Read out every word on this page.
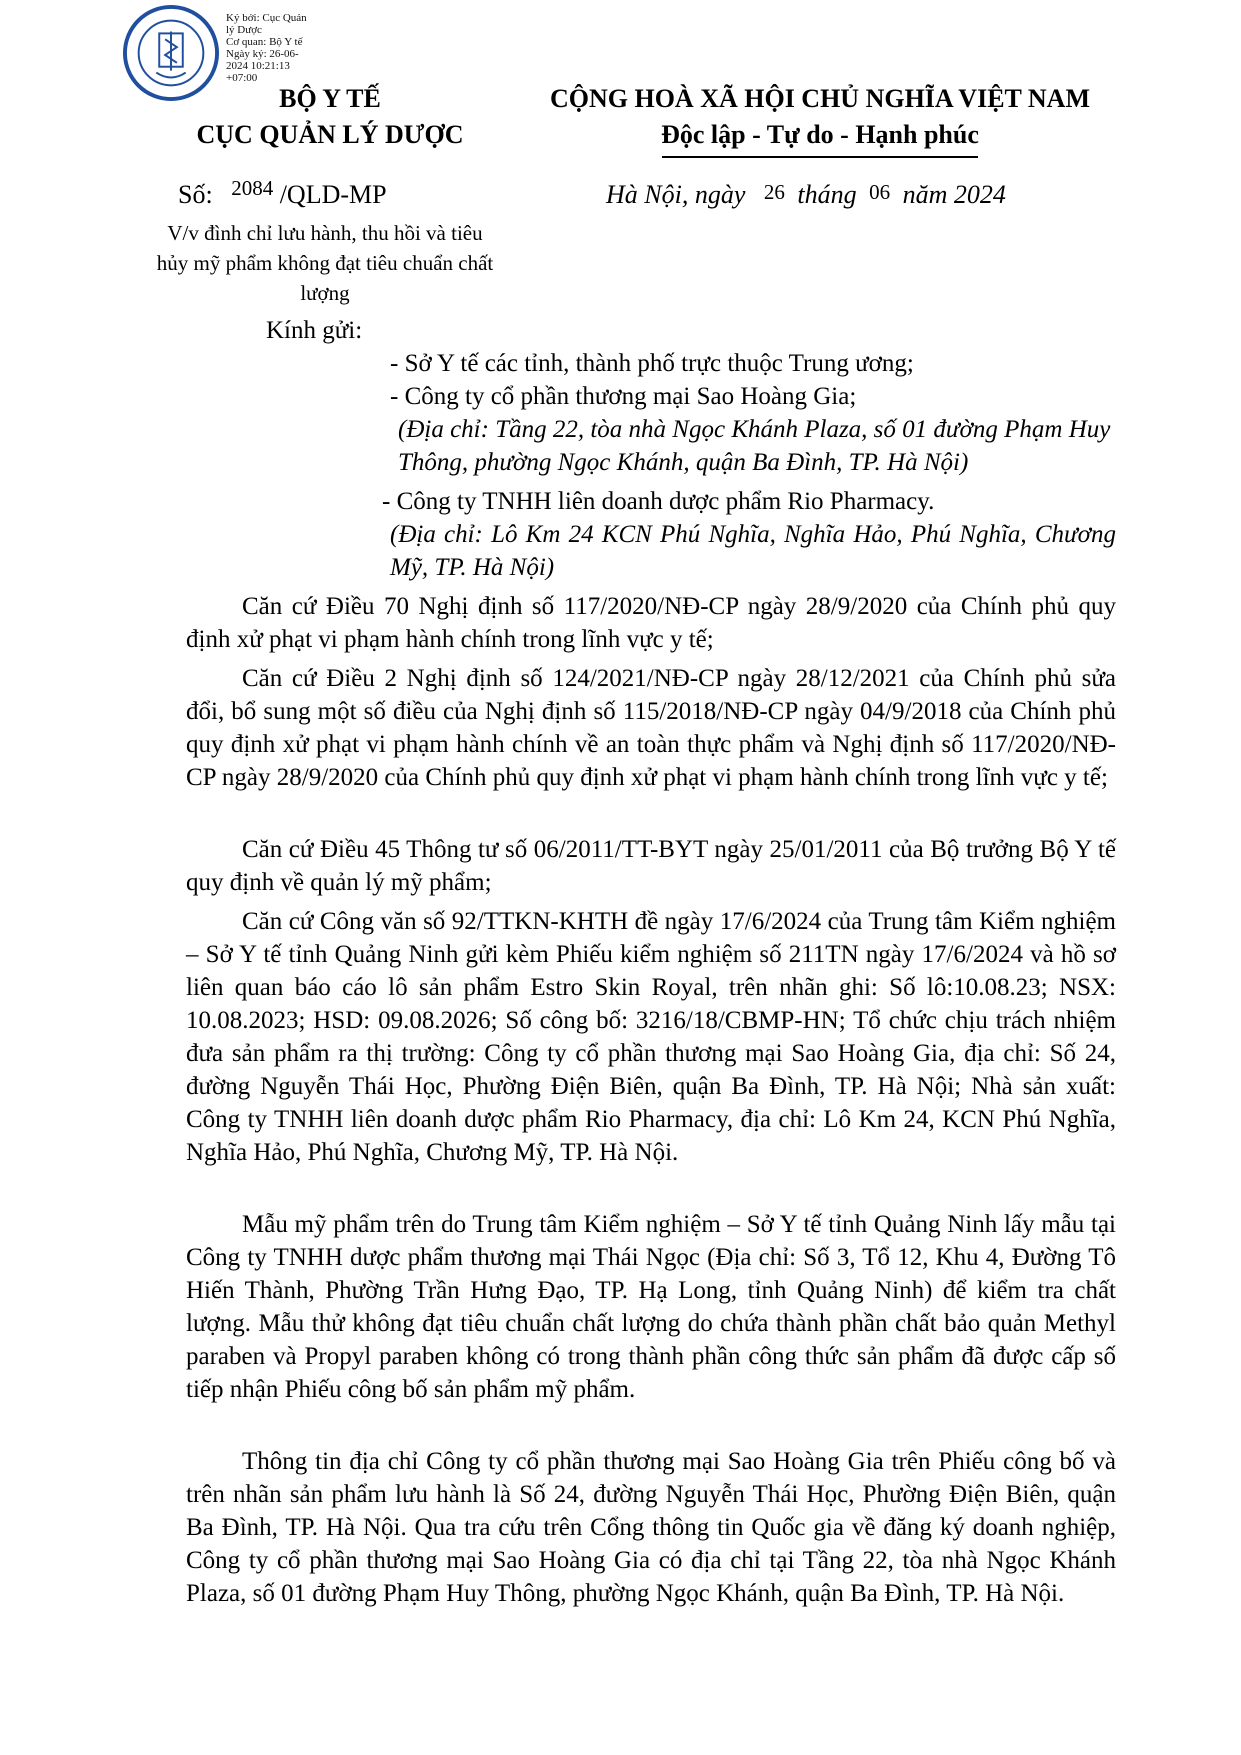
Ký bởi: Cục Quản
lý Dược
Cơ quan: Bộ Y tế
Ngày ký: 26-06-
2024 10:21:13
+07:00
BỘ Y TẾ
CỤC QUẢN LÝ DƯỢC
CỘNG HOÀ XÃ HỘI CHỦ NGHĨA VIỆT NAM
Độc lập - Tự do - Hạnh phúc
Số: $^{2084}$ /QLD-MP	Hà Nội, ngày 26 tháng 06 năm 2024
V/v đình chỉ lưu hành, thu hồi và tiêu hủy mỹ phẩm không đạt tiêu chuẩn chất lượng
Kính gửi:
- Sở Y tế các tỉnh, thành phố trực thuộc Trung ương;
- Công ty cổ phần thương mại Sao Hoàng Gia;
(Địa chỉ: Tầng 22, tòa nhà Ngọc Khánh Plaza, số 01 đường Phạm Huy Thông, phường Ngọc Khánh, quận Ba Đình, TP. Hà Nội)
- Công ty TNHH liên doanh dược phẩm Rio Pharmacy.
(Địa chỉ: Lô Km 24 KCN Phú Nghĩa, Nghĩa Hảo, Phú Nghĩa, Chương Mỹ, TP. Hà Nội)
Căn cứ Điều 70 Nghị định số 117/2020/NĐ-CP ngày 28/9/2020 của Chính phủ quy định xử phạt vi phạm hành chính trong lĩnh vực y tế;
Căn cứ Điều 2 Nghị định số 124/2021/NĐ-CP ngày 28/12/2021 của Chính phủ sửa đổi, bổ sung một số điều của Nghị định số 115/2018/NĐ-CP ngày 04/9/2018 của Chính phủ quy định xử phạt vi phạm hành chính về an toàn thực phẩm và Nghị định số 117/2020/NĐ-CP ngày 28/9/2020 của Chính phủ quy định xử phạt vi phạm hành chính trong lĩnh vực y tế;
Căn cứ Điều 45 Thông tư số 06/2011/TT-BYT ngày 25/01/2011 của Bộ trưởng Bộ Y tế quy định về quản lý mỹ phẩm;
Căn cứ Công văn số 92/TTKN-KHTH đề ngày 17/6/2024 của Trung tâm Kiểm nghiệm – Sở Y tế tỉnh Quảng Ninh gửi kèm Phiếu kiểm nghiệm số 211TN ngày 17/6/2024 và hồ sơ liên quan báo cáo lô sản phẩm Estro Skin Royal, trên nhãn ghi: Số lô:10.08.23; NSX: 10.08.2023; HSD: 09.08.2026; Số công bố: 3216/18/CBMP-HN; Tổ chức chịu trách nhiệm đưa sản phẩm ra thị trường: Công ty cổ phần thương mại Sao Hoàng Gia, địa chỉ: Số 24, đường Nguyễn Thái Học, Phường Điện Biên, quận Ba Đình, TP. Hà Nội; Nhà sản xuất: Công ty TNHH liên doanh dược phẩm Rio Pharmacy, địa chỉ: Lô Km 24, KCN Phú Nghĩa, Nghĩa Hảo, Phú Nghĩa, Chương Mỹ, TP. Hà Nội.
Mẫu mỹ phẩm trên do Trung tâm Kiểm nghiệm – Sở Y tế tỉnh Quảng Ninh lấy mẫu tại Công ty TNHH dược phẩm thương mại Thái Ngọc (Địa chỉ: Số 3, Tổ 12, Khu 4, Đường Tô Hiến Thành, Phường Trần Hưng Đạo, TP. Hạ Long, tỉnh Quảng Ninh) để kiểm tra chất lượng. Mẫu thử không đạt tiêu chuẩn chất lượng do chứa thành phần chất bảo quản Methyl paraben và Propyl paraben không có trong thành phần công thức sản phẩm đã được cấp số tiếp nhận Phiếu công bố sản phẩm mỹ phẩm.
Thông tin địa chỉ Công ty cổ phần thương mại Sao Hoàng Gia trên Phiếu công bố và trên nhãn sản phẩm lưu hành là Số 24, đường Nguyễn Thái Học, Phường Điện Biên, quận Ba Đình, TP. Hà Nội. Qua tra cứu trên Cổng thông tin Quốc gia về đăng ký doanh nghiệp, Công ty cổ phần thương mại Sao Hoàng Gia có địa chỉ tại Tầng 22, tòa nhà Ngọc Khánh Plaza, số 01 đường Phạm Huy Thông, phường Ngọc Khánh, quận Ba Đình, TP. Hà Nội.
